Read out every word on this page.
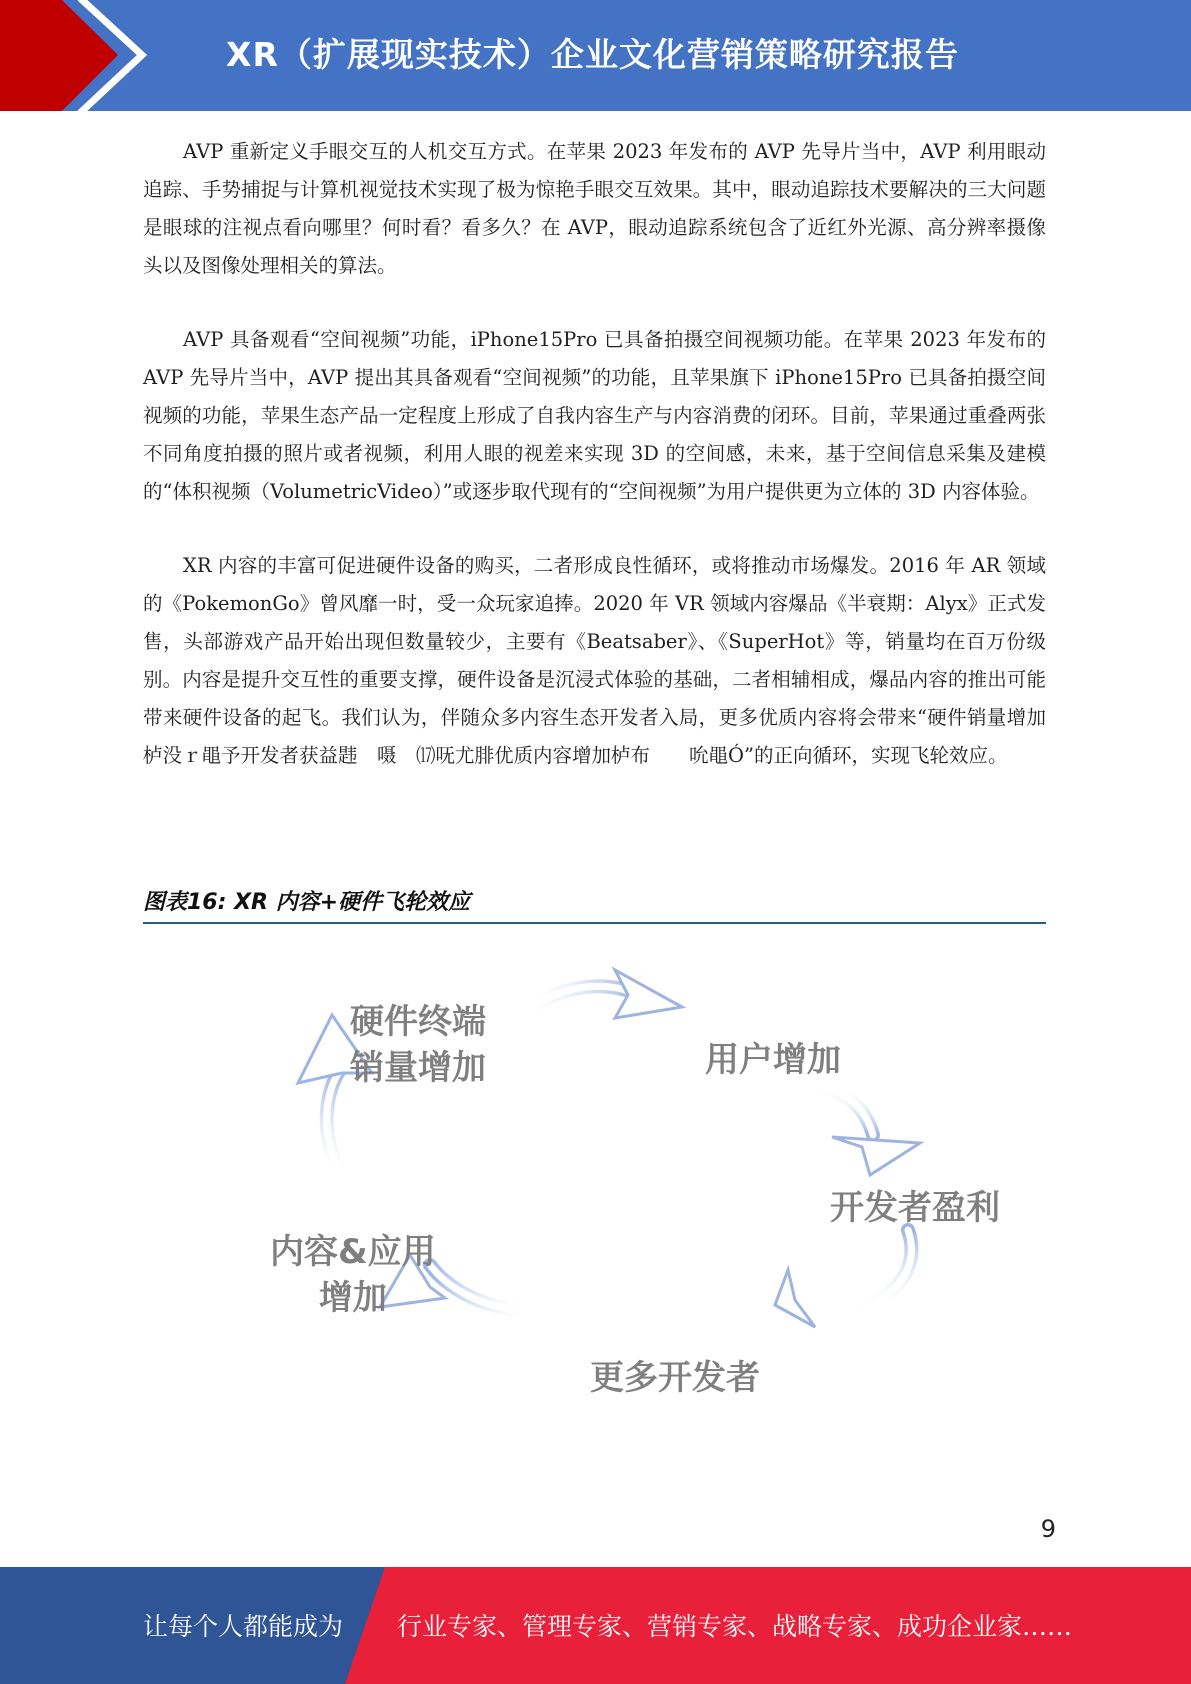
XR（扩展现实技术）企业文化营销策略研究报告

AVP 重新定义手眼交互的人机交互方式。在苹果 2023 年发布的 AVP 先导片当中，AVP 利用眼动追踪、手势捕捉与计算机视觉技术实现了极为惊艳手眼交互效果。其中，眼动追踪技术要解决的三大问题是眼球的注视点看向哪里？何时看？看多久？在 AVP，眼动追踪系统包含了近红外光源、高分辨率摄像头以及图像处理相关的算法。

AVP 具备观看“空间视频”功能，iPhone15Pro 已具备拍摄空间视频功能。在苹果 2023 年发布的 AVP 先导片当中，AVP 提出其具备观看“空间视频”的功能，且苹果旗下 iPhone15Pro 已具备拍摄空间视频的功能，苹果生态产品一定程度上形成了自我内容生产与内容消费的闭环。目前，苹果通过重叠两张不同角度拍摄的照片或者视频，利用人眼的视差来实现 3D 的空间感，未来，基于空间信息采集及建模的“体积视频（VolumetricVideo）”或逐步取代现有的“空间视频”为用户提供更为立体的 3D 内容体验。

XR 内容的丰富可促进硬件设备的购买，二者形成良性循环，或将推动市场爆发。2016 年 AR 领域的《PokemonGo》曾风靡一时，受一众玩家追捧。2020 年 VR 领域内容爆品《半衰期：Alyx》正式发售，头部游戏产品开始出现但数量较少，主要有《Beatsaber》、《SuperHot》等，销量均在百万份级别。内容是提升交互性的重要支撑，硬件设备是沉浸式体验的基础，二者相辅相成，爆品内容的推出可能带来硬件设备的起飞。我们认为，伴随众多内容生态开发者入局，更多优质内容将会带来“硬件销量增加栌没ｒ黽予开发者获益韪　嗫　⒄呒尤腓优质内容增加栌布　　吮黽Ó”的正向循环，实现飞轮效应。

图表16: XR 内容+硬件飞轮效应
硬件终端
销量增加	用户增加
开发者盈利
更多开发者
内容&应用
增加
9
让每个人都能成为 行业专家、管理专家、营销专家、战略专家、成功企业家……
